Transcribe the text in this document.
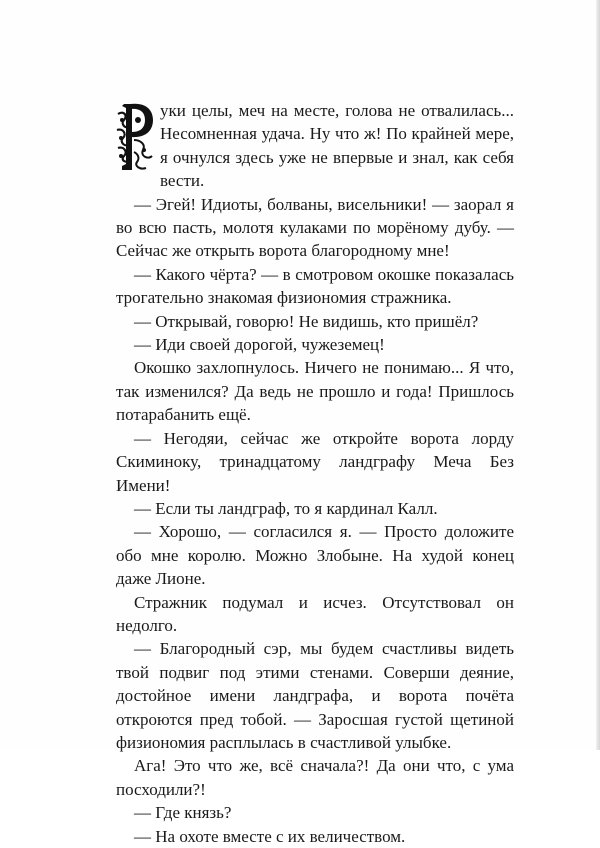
уки целы, меч на месте, голова не отвалилась... Несомненная удача. Ну что ж! По крайней мере, я очнулся здесь уже не впервые и знал, как себя вести.

— Эгей! Идиоты, болваны, висельники! — заорал я во всю пасть, молотя кулаками по морёному дубу. — Сейчас же открыть ворота благородному мне!

— Какого чёрта? — в смотровом окошке показалась трогательно знакомая физиономия стражника.

— Открывай, говорю! Не видишь, кто пришёл?

— Иди своей дорогой, чужеземец!

Окошко захлопнулось. Ничего не понимаю... Я что, так изменился? Да ведь не прошло и года! Пришлось потарабанить ещё.

— Негодяи, сейчас же откройте ворота лорду Скиминоку, тринадцатому ландграфу Меча Без Имени!

— Если ты ландграф, то я кардинал Калл.

— Хорошо, — согласился я. — Просто доложите обо мне королю. Можно Злобыне. На худой конец даже Лионе.

Стражник подумал и исчез. Отсутствовал он недолго.

— Благородный сэр, мы будем счастливы видеть твой подвиг под этими стенами. Соверши деяние, достойное имени ландграфа, и ворота почёта откроются пред тобой. — Заросшая густой щетиной физиономия расплылась в счастливой улыбке.

Ага! Это что же, всё сначала?! Да они что, с ума посходили?!

— Где князь?

— На охоте вместе с их величеством.
